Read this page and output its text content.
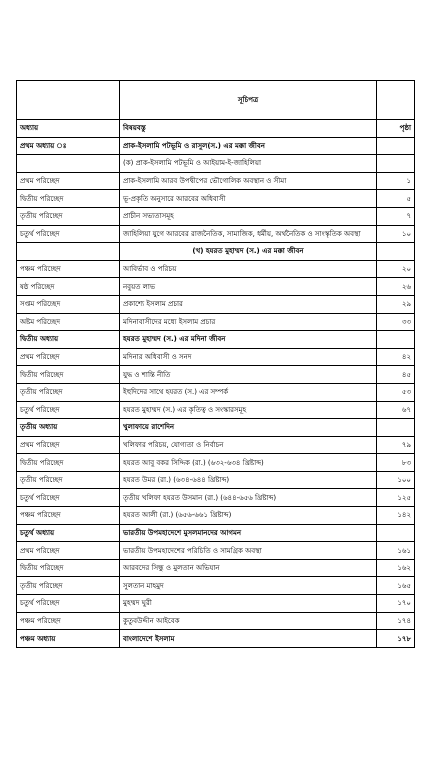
	সূচিপত্র	
অধ্যায়	বিষয়বস্তু	পৃষ্ঠা
প্রথম অধ্যায় ঃ	প্রাক-ইসলামি পটভূমি ও রাসুল(স.) এর মক্কা জীবন	
	(ক) প্রাক-ইসলামি পটভূমি ও আইয়াম-ই-জাহিলিয়া	
প্রথম পরিচ্ছেদ	প্রাক-ইসলামি আরব উপদ্বীপের ভৌগোলিক অবস্থান ও সীমা	১
দ্বিতীয় পরিচ্ছেদ	ভূ-প্রকৃতি অনুসারে আরবের অধিবাসী	৫
তৃতীয় পরিচ্ছেদ	প্রাচীন সভ্যতাসমূহ	৭
চতুর্থ পরিচ্ছেদ	জাহিলিয়া যুগে আরবের রাজনৈতিক, সামাজিক, ধর্মীয়, অর্থনৈতিক ও সাংস্কৃতিক অবস্থা	১০
	(খ) হযরত মুহাম্মদ (স.) এর মক্কা জীবন	
পঞ্চম পরিচ্ছেদ	আবির্ভাব ও পরিচয়	২০
ষষ্ঠ পরিচ্ছেদ	নবুয়ত লাভ	২৬
সপ্তম পরিচ্ছেদ	প্রকাশ্যে ইসলাম প্রচার	২৯
অষ্টম পরিচ্ছেদ	মদিনাবাসীদের মধ্যে ইসলাম প্রচার	৩৩
দ্বিতীয় অধ্যায়	হযরত মুহাম্মদ (স.) এর মদিনা জীবন	
প্রথম পরিচ্ছেদ	মদিনার অধিবাসী ও সনদ	৪২
দ্বিতীয় পরিচ্ছেদ	যুদ্ধ ও শান্তি নীতি	৪৫
তৃতীয় পরিচ্ছেদ	ইহুদিদের সাথে হযরত (স.) এর সম্পর্ক	৫৩
চতুর্থ পরিচ্ছেদ	হযরত মুহাম্মদ (স.) এর কৃতিত্ব ও সংস্কারসমূহ	৬৭
তৃতীয় অধ্যায়	খুলাফায়ে রাশেদিন	
প্রথম পরিচ্ছেদ	খলিফার পরিচয়, যোগ্যতা ও নির্বাচন	৭৯
দ্বিতীয় পরিচ্ছেদ	হযরত আবু বকর সিদ্দিক (রা.) (৬৩২-৬৩৪ খ্রিষ্টাব্দ)	৮৩
তৃতীয় পরিচ্ছেদ	হযরত উমর (রা.) (৬৩৪-৬৪৪ খ্রিষ্টাব্দ)	১০০
চতুর্থ পরিচ্ছেদ	তৃতীয় খলিফা হযরত উসমান (রা.) (৬৪৪-৬৫৬ খ্রিষ্টাব্দ)	১২৫
পঞ্চম পরিচ্ছেদ	হযরত আলী (রা.) (৬৫৬-৬৬১ খ্রিষ্টাব্দ)	১৪২
চতুর্থ অধ্যায়	ভারতীয় উপমহাদেশে মুসলমানদের আগমন	
প্রথম পরিচ্ছেদ	ভারতীয় উপমহাদেশের পরিচিতি ও সামগ্রিক অবস্থা	১৬১
দ্বিতীয় পরিচ্ছেদ	আরবদের সিন্ধু ও মুলতান অভিযান	১৬২
তৃতীয় পরিচ্ছেদ	সুলতান মাহমুদ	১৬৫
চতুর্থ পরিচ্ছেদ	মুহম্মদ ঘুরী	১৭০
পঞ্চম পরিচ্ছেদ	কুতুবউদ্দীন আইবেক	১৭৪
পঞ্চম অধ্যায়	বাংলাদেশে ইসলাম	১৭৮
